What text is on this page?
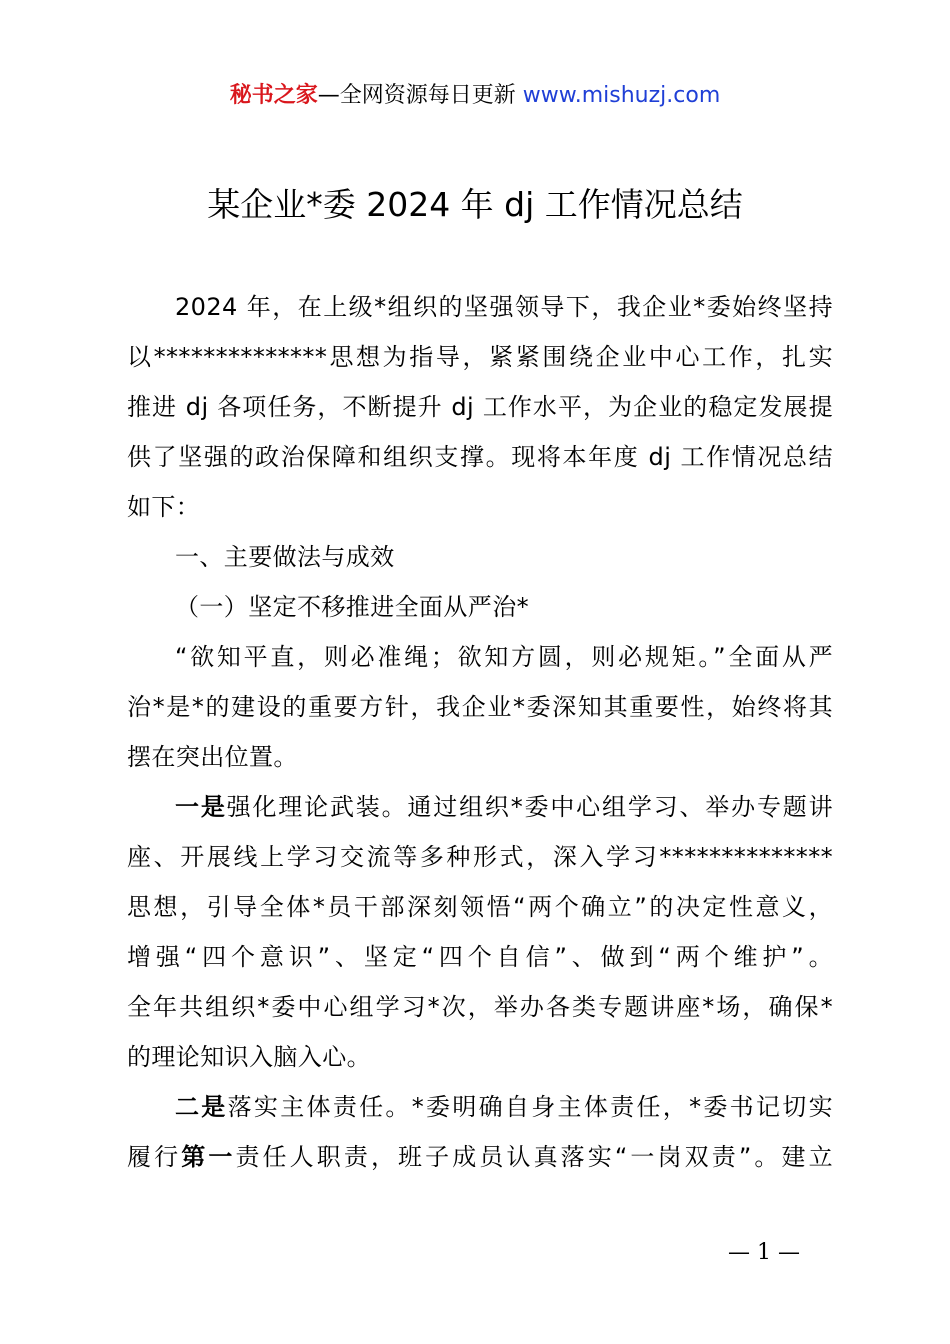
秘书之家—全网资源每日更新 www.mishuzj.com
某企业*委 2024 年 dj 工作情况总结
2024 年，在上级*组织的坚强领导下，我企业*委始终坚持
以**************思想为指导，紧紧围绕企业中心工作，扎实
推进 dj 各项任务，不断提升 dj 工作水平，为企业的稳定发展提
供了坚强的政治保障和组织支撑。现将本年度 dj 工作情况总结
如下：
一、主要做法与成效
（一）坚定不移推进全面从严治*
“欲知平直，则必准绳；欲知方圆，则必规矩。”全面从严
治*是*的建设的重要方针，我企业*委深知其重要性，始终将其
摆在突出位置。
一是强化理论武装。通过组织*委中心组学习、举办专题讲
座、开展线上学习交流等多种形式，深入学习**************
思想，引导全体*员干部深刻领悟“两个确立”的决定性意义，
增强“四个意识”、坚定“四个自信”、做到“两个维护”。
全年共组织*委中心组学习*次，举办各类专题讲座*场，确保*
的理论知识入脑入心。
二是落实主体责任。*委明确自身主体责任，*委书记切实
履行第一责任人职责，班子成员认真落实“一岗双责”。建立
— 1 —
